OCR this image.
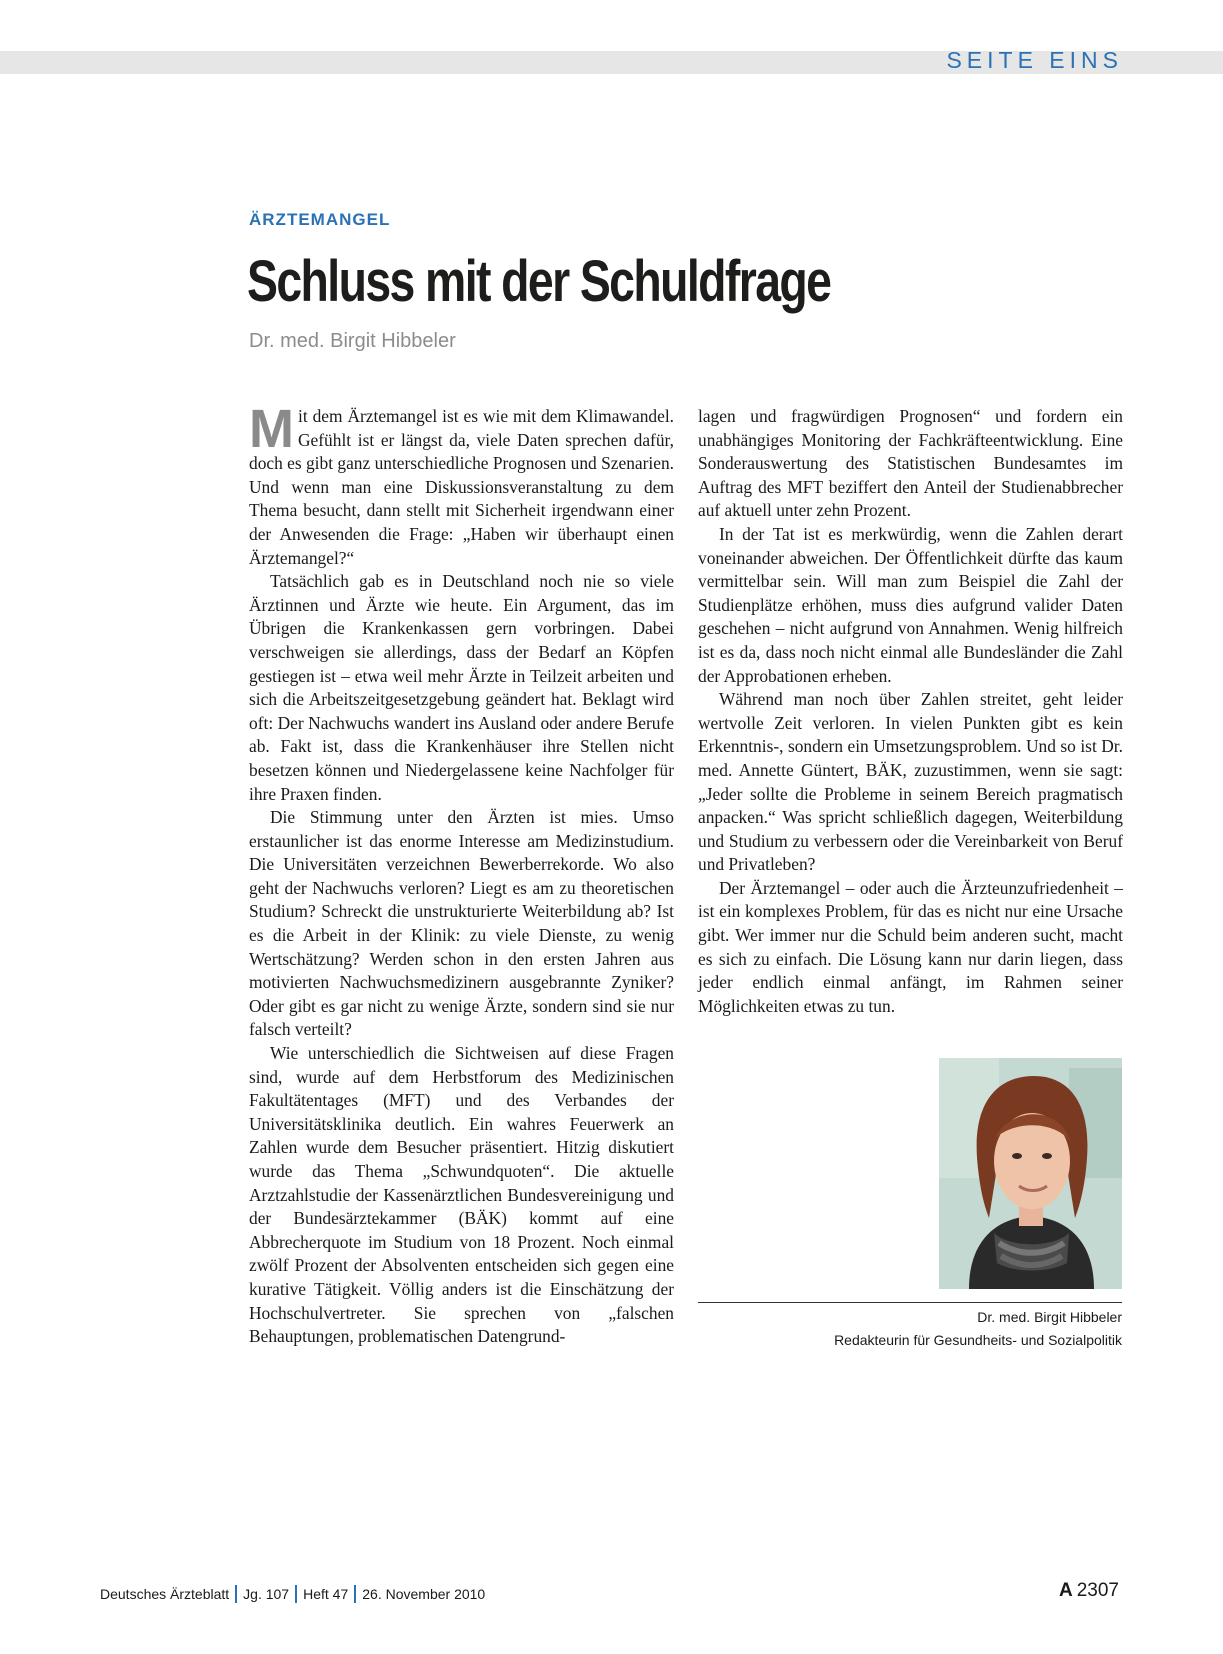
SEITE EINS
ÄRZTEMANGEL
Schluss mit der Schuldfrage
Dr. med. Birgit Hibbeler

Mit dem Ärztemangel ist es wie mit dem Klimawandel. Gefühlt ist er längst da, viele Daten sprechen dafür, doch es gibt ganz unterschiedliche Prognosen und Szenarien. Und wenn man eine Diskussionsveranstaltung zu dem Thema besucht, dann stellt mit Sicherheit irgendwann einer der Anwesenden die Frage: „Haben wir überhaupt einen Ärztemangel?“

Tatsächlich gab es in Deutschland noch nie so viele Ärztinnen und Ärzte wie heute. Ein Argument, das im Übrigen die Krankenkassen gern vorbringen. Dabei verschweigen sie allerdings, dass der Bedarf an Köpfen gestiegen ist – etwa weil mehr Ärzte in Teilzeit arbeiten und sich die Arbeitszeitgesetzgebung geändert hat. Beklagt wird oft: Der Nachwuchs wandert ins Ausland oder andere Berufe ab. Fakt ist, dass die Krankenhäuser ihre Stellen nicht besetzen können und Niedergelassene keine Nachfolger für ihre Praxen finden.

Die Stimmung unter den Ärzten ist mies. Umso erstaunlicher ist das enorme Interesse am Medizinstudium. Die Universitäten verzeichnen Bewerberrekorde. Wo also geht der Nachwuchs verloren? Liegt es am zu theoretischen Studium? Schreckt die unstrukturierte Weiterbildung ab? Ist es die Arbeit in der Klinik: zu viele Dienste, zu wenig Wertschätzung? Werden schon in den ersten Jahren aus motivierten Nachwuchsmedizinern ausgebrannte Zyniker? Oder gibt es gar nicht zu wenige Ärzte, sondern sind sie nur falsch verteilt?

Wie unterschiedlich die Sichtweisen auf diese Fragen sind, wurde auf dem Herbstforum des Medizinischen Fakultätentages (MFT) und des Verbandes der Universitätsklinika deutlich. Ein wahres Feuerwerk an Zahlen wurde dem Besucher präsentiert. Hitzig diskutiert wurde das Thema „Schwundquoten“. Die aktuelle Arztzahlstudie der Kassenärztlichen Bundesvereinigung und der Bundesärztekammer (BÄK) kommt auf eine Abbrecherquote im Studium von 18 Prozent. Noch einmal zwölf Prozent der Absolventen entscheiden sich gegen eine kurative Tätigkeit. Völlig anders ist die Einschätzung der Hochschulvertreter. Sie sprechen von „falschen Behauptungen, problematischen Datengrund-

lagen und fragwürdigen Prognosen“ und fordern ein unabhängiges Monitoring der Fachkräfteentwicklung. Eine Sonderauswertung des Statistischen Bundesamtes im Auftrag des MFT beziffert den Anteil der Studienabbrecher auf aktuell unter zehn Prozent.

In der Tat ist es merkwürdig, wenn die Zahlen derart voneinander abweichen. Der Öffentlichkeit dürfte das kaum vermittelbar sein. Will man zum Beispiel die Zahl der Studienplätze erhöhen, muss dies aufgrund valider Daten geschehen – nicht aufgrund von Annahmen. Wenig hilfreich ist es da, dass noch nicht einmal alle Bundesländer die Zahl der Approbationen erheben.

Während man noch über Zahlen streitet, geht leider wertvolle Zeit verloren. In vielen Punkten gibt es kein Erkenntnis-, sondern ein Umsetzungsproblem. Und so ist Dr. med. Annette Güntert, BÄK, zuzustimmen, wenn sie sagt: „Jeder sollte die Probleme in seinem Bereich pragmatisch anpacken.“ Was spricht schließlich dagegen, Weiterbildung und Studium zu verbessern oder die Vereinbarkeit von Beruf und Privatleben?

Der Ärztemangel – oder auch die Ärzteunzufriedenheit – ist ein komplexes Problem, für das es nicht nur eine Ursache gibt. Wer immer nur die Schuld beim anderen sucht, macht es sich zu einfach. Die Lösung kann nur darin liegen, dass jeder endlich einmal anfängt, im Rahmen seiner Möglichkeiten etwas zu tun.

Dr. med. Birgit Hibbeler
Redakteurin für Gesundheits- und Sozialpolitik
Deutsches Ärzteblatt Jg. 107 Heft 47 26. November 2010	A 2307
